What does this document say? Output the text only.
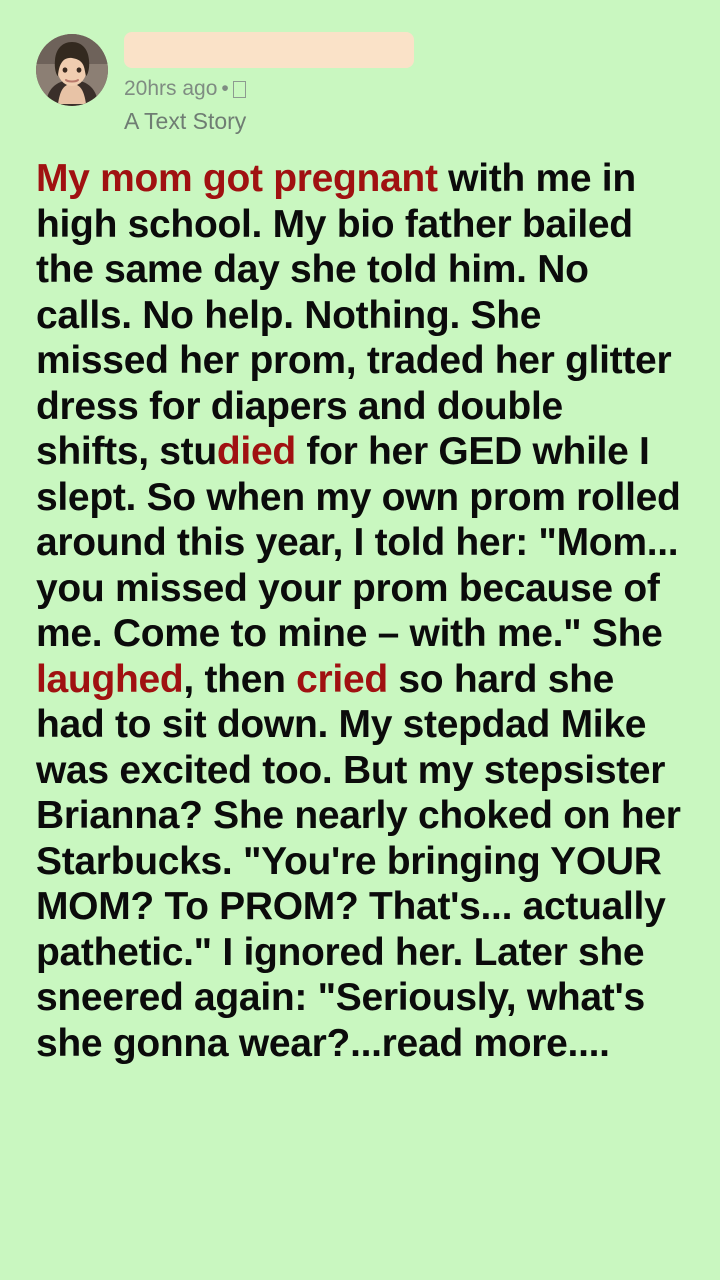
20hrs ago •
A Text Story
My mom got pregnant with me in high school. My bio father bailed the same day she told him. No calls. No help. Nothing. She missed her prom, traded her glitter dress for diapers and double shifts, studied for her GED while I slept. So when my own prom rolled around this year, I told her: "Mom... you missed your prom because of me. Come to mine – with me." She laughed, then cried so hard she had to sit down. My stepdad Mike was excited too. But my stepsister Brianna? She nearly choked on her Starbucks. "You're bringing YOUR MOM? To PROM? That's... actually pathetic." I ignored her. Later she sneered again: "Seriously, what's she gonna wear?...read more....
